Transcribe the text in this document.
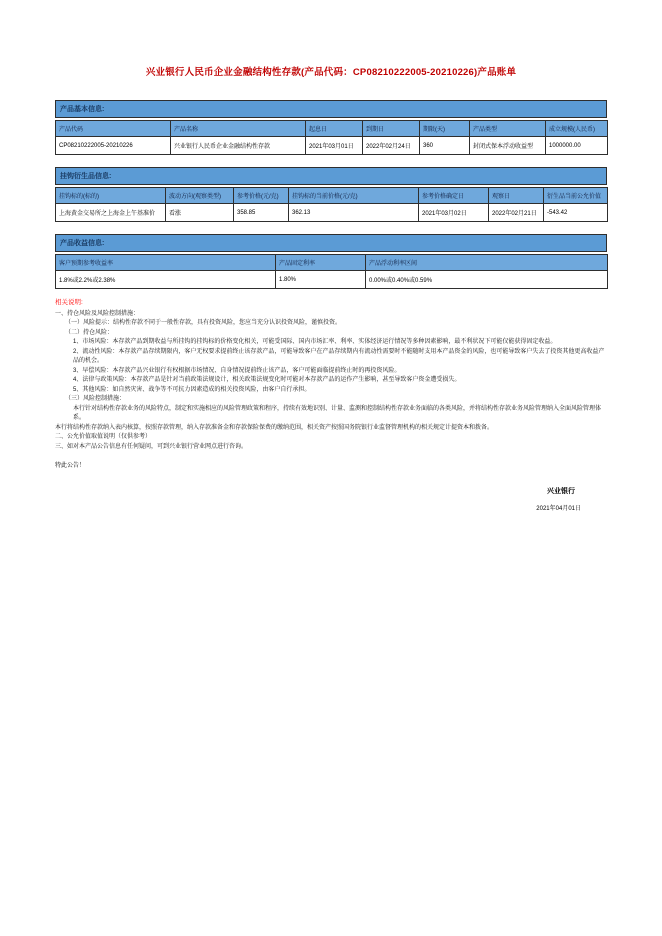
兴业银行人民币企业金融结构性存款(产品代码：CP08210222005-20210226)产品账单
产品基本信息:
产品代码	产品名称	起息日	到期日	期限(天)	产品类型	成立规模(人民币)
CP08210222005-20210226	兴业银行人民币企业金融结构性存款	2021年03月01日	2022年02月24日	360	封闭式保本浮动收益型	1000000.00
挂钩衍生品信息:
挂钩标的(标的)	波动方向(观察类型)	参考价格(元/克)	挂钩标的当前价格(元/克)	参考价格确定日	观察日	衍生品当前公允价值
上海黄金交易所之上海金上午基准价	看涨	358.85	362.13	2021年03月02日	2022年02月21日	-543.42
产品收益信息:
客户预期参考收益率	产品固定利率	产品浮动利率区间
1.8%或2.2%或2.38%	1.80%	0.00%或0.40%或0.59%
相关说明:
一、持仓风险及风险控制措施：
（一）风险提示：结构性存款不同于一般性存款，具有投资风险，您应当充分认识投资风险，谨慎投资。
（二）持仓风险：
1、市场风险：本存款产品到期收益与所挂钩的挂钩标的价格变化相关，可能受国际、国内市场汇率、利率、实体经济运行情况等多种因素影响，最不利状况下可能仅能获得固定收益。
2、流动性风险：本存款产品存续期限内，客户无权要求提前终止该存款产品，可能导致客户在产品存续期内有流动性需要时不能随时支用本产品资金的风险，也可能导致客户失去了投资其他更高收益产品的机会。
3、早偿风险：本存款产品兴业银行有权根据市场情况、自身情况提前终止该产品，客户可能面临提前终止时的再投资风险。
4、法律与政策风险：本存款产品是针对当前政策法规设计，相关政策法规变化时可能对本存款产品的运作产生影响，甚至导致客户资金遭受损失。
5、其他风险：如自然灾害、战争等不可抗力因素造成的相关投资风险，由客户自行承担。
（三）风险控制措施：
本行针对结构性存款业务的风险特点，制定和实施相应的风险管理政策和程序，持续有效地识别、计量、监测和控制结构性存款业务面临的各类风险，并将结构性存款业务风险管理纳入全面风险管理体系。
本行将结构性存款纳入表内核算，按照存款管理，纳入存款准备金和存款保险保费的缴纳范围，相关资产按照国务院银行业监督管理机构的相关规定计提资本和拨备。
二、公允价值取值说明（仅供参考）
三、如对本产品公告信息有任何疑问，可到兴业银行营业网点进行咨询。
特此公告！
兴业银行
2021年04月01日
